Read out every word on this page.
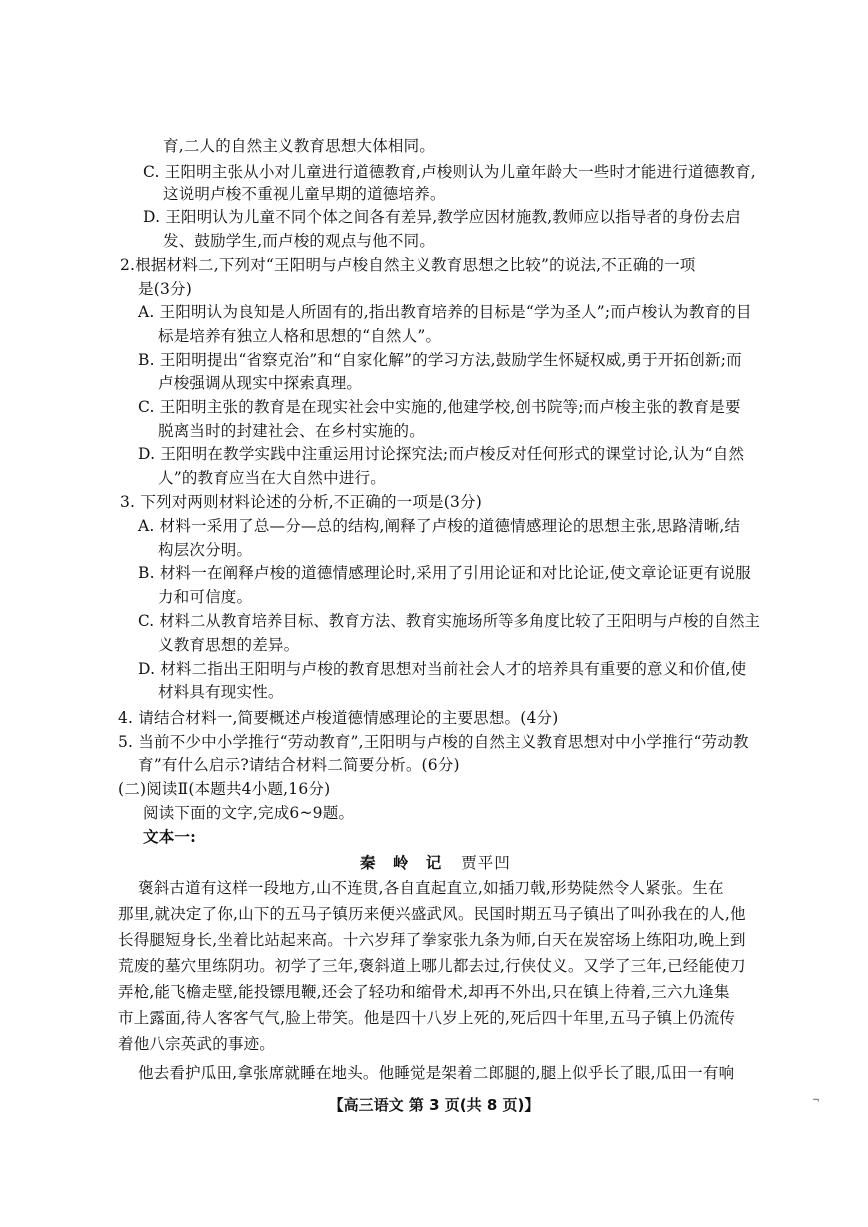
育,二人的自然主义教育思想大体相同。
C. 王阳明主张从小对儿童进行道德教育,卢梭则认为儿童年龄大一些时才能进行道德教育,
这说明卢梭不重视儿童早期的道德培养。
D. 王阳明认为儿童不同个体之间各有差异,教学应因材施教,教师应以指导者的身份去启
发、鼓励学生,而卢梭的观点与他不同。
2.根据材料二,下列对“王阳明与卢梭自然主义教育思想之比较”的说法,不正确的一项
是(3分)
A. 王阳明认为良知是人所固有的,指出教育培养的目标是“学为圣人”;而卢梭认为教育的目
标是培养有独立人格和思想的“自然人”。
B. 王阳明提出“省察克治”和“自家化解”的学习方法,鼓励学生怀疑权威,勇于开拓创新;而
卢梭强调从现实中探索真理。
C. 王阳明主张的教育是在现实社会中实施的,他建学校,创书院等;而卢梭主张的教育是要
脱离当时的封建社会、在乡村实施的。
D. 王阳明在教学实践中注重运用讨论探究法;而卢梭反对任何形式的课堂讨论,认为“自然
人”的教育应当在大自然中进行。
3. 下列对两则材料论述的分析,不正确的一项是(3分)
A. 材料一采用了总—分—总的结构,阐释了卢梭的道德情感理论的思想主张,思路清晰,结
构层次分明。
B. 材料一在阐释卢梭的道德情感理论时,采用了引用论证和对比论证,使文章论证更有说服
力和可信度。
C. 材料二从教育培养目标、教育方法、教育实施场所等多角度比较了王阳明与卢梭的自然主
义教育思想的差异。
D. 材料二指出王阳明与卢梭的教育思想对当前社会人才的培养具有重要的意义和价值,使
材料具有现实性。
4. 请结合材料一,简要概述卢梭道德情感理论的主要思想。(4分)
5. 当前不少中小学推行“劳动教育”,王阳明与卢梭的自然主义教育思想对中小学推行“劳动教
育”有什么启示?请结合材料二简要分析。(6分)
(二)阅读Ⅱ(本题共4小题,16分)
阅读下面的文字,完成6~9题。
文本一:
秦 岭 记 贾平凹
褒斜古道有这样一段地方,山不连贯,各自直起直立,如插刀戟,形势陡然令人紧张。生在
那里,就决定了你,山下的五马子镇历来便兴盛武风。民国时期五马子镇出了叫孙我在的人,他
长得腿短身长,坐着比站起来高。十六岁拜了拳家张九条为师,白天在炭窑场上练阳功,晚上到
荒废的墓穴里练阴功。初学了三年,褒斜道上哪儿都去过,行侠仗义。又学了三年,已经能使刀
弄枪,能飞檐走壁,能投镖甩鞭,还会了轻功和缩骨术,却再不外出,只在镇上待着,三六九逢集
市上露面,待人客客气气,脸上带笑。他是四十八岁上死的,死后四十年里,五马子镇上仍流传
着他八宗英武的事迹。
他去看护瓜田,拿张席就睡在地头。他睡觉是架着二郎腿的,腿上似乎长了眼,瓜田一有响
【高三语文 第 3 页(共 8 页)】	¬
